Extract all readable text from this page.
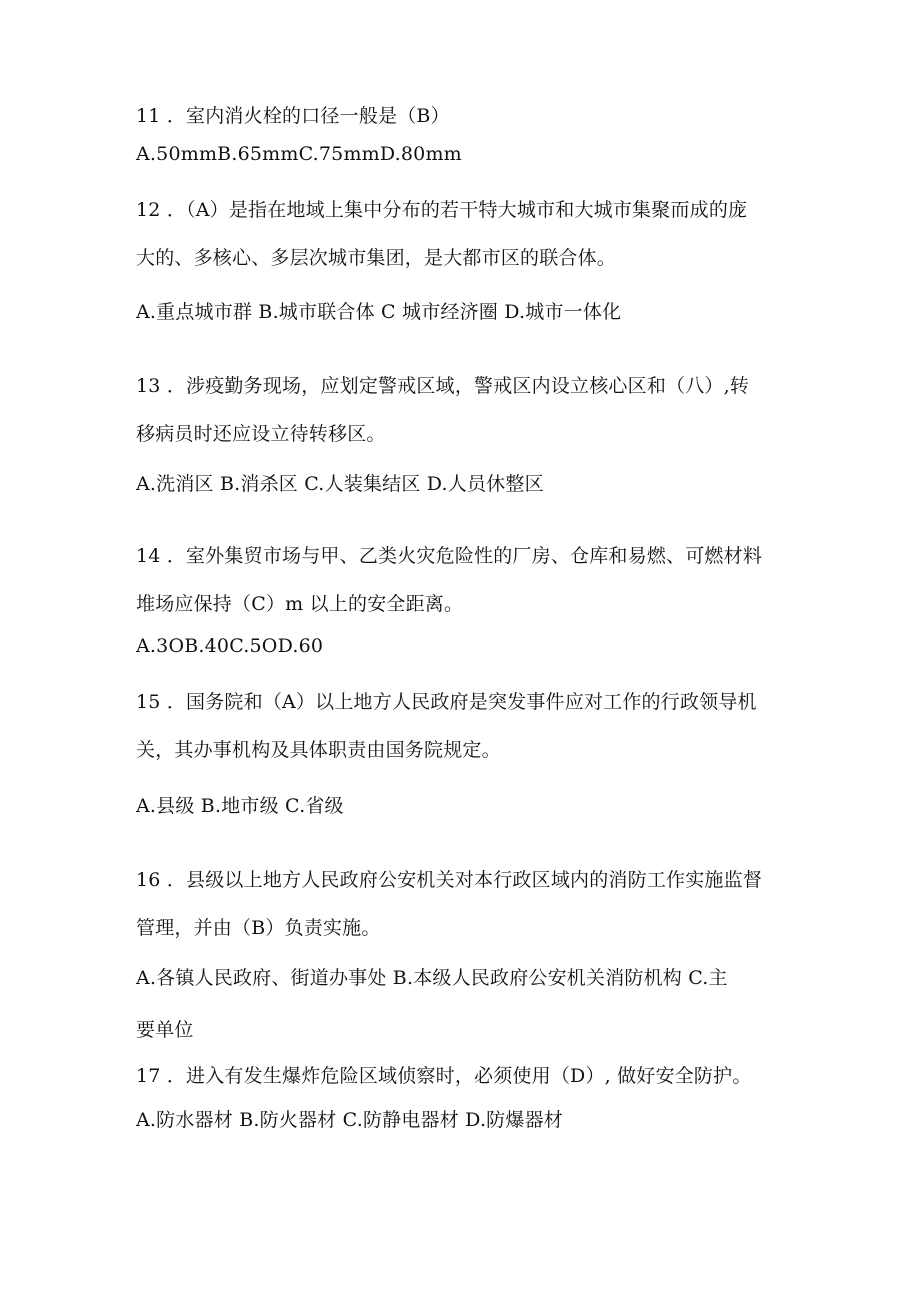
11 ．室内消火栓的口径一般是（B）
A.50mmB.65mmC.75mmD.80mm
12 ．（A）是指在地域上集中分布的若干特大城市和大城市集聚而成的庞
大的、多核心、多层次城市集团，是大都市区的联合体。
A.重点城市群 B.城市联合体 C 城市经济圈 D.城市一体化
13 ．涉疫勤务现场，应划定警戒区域，警戒区内设立核心区和（八）,转
移病员时还应设立待转移区。
A.洗消区 B.消杀区 C.人装集结区 D.人员休整区
14 ．室外集贸市场与甲、乙类火灾危险性的厂房、仓库和易燃、可燃材料
堆场应保持（C）m 以上的安全距离。
A.3OB.40C.5OD.60
15 ．国务院和（A）以上地方人民政府是突发事件应对工作的行政领导机
关，其办事机构及具体职责由国务院规定。
A.县级 B.地市级 C.省级
16 ．县级以上地方人民政府公安机关对本行政区域内的消防工作实施监督
管理，并由（B）负责实施。
A.各镇人民政府、街道办事处 B.本级人民政府公安机关消防机构 C.主
要单位
17 ．进入有发生爆炸危险区域侦察时，必须使用（D）, 做好安全防护。
A.防水器材 B.防火器材 C.防静电器材 D.防爆器材
